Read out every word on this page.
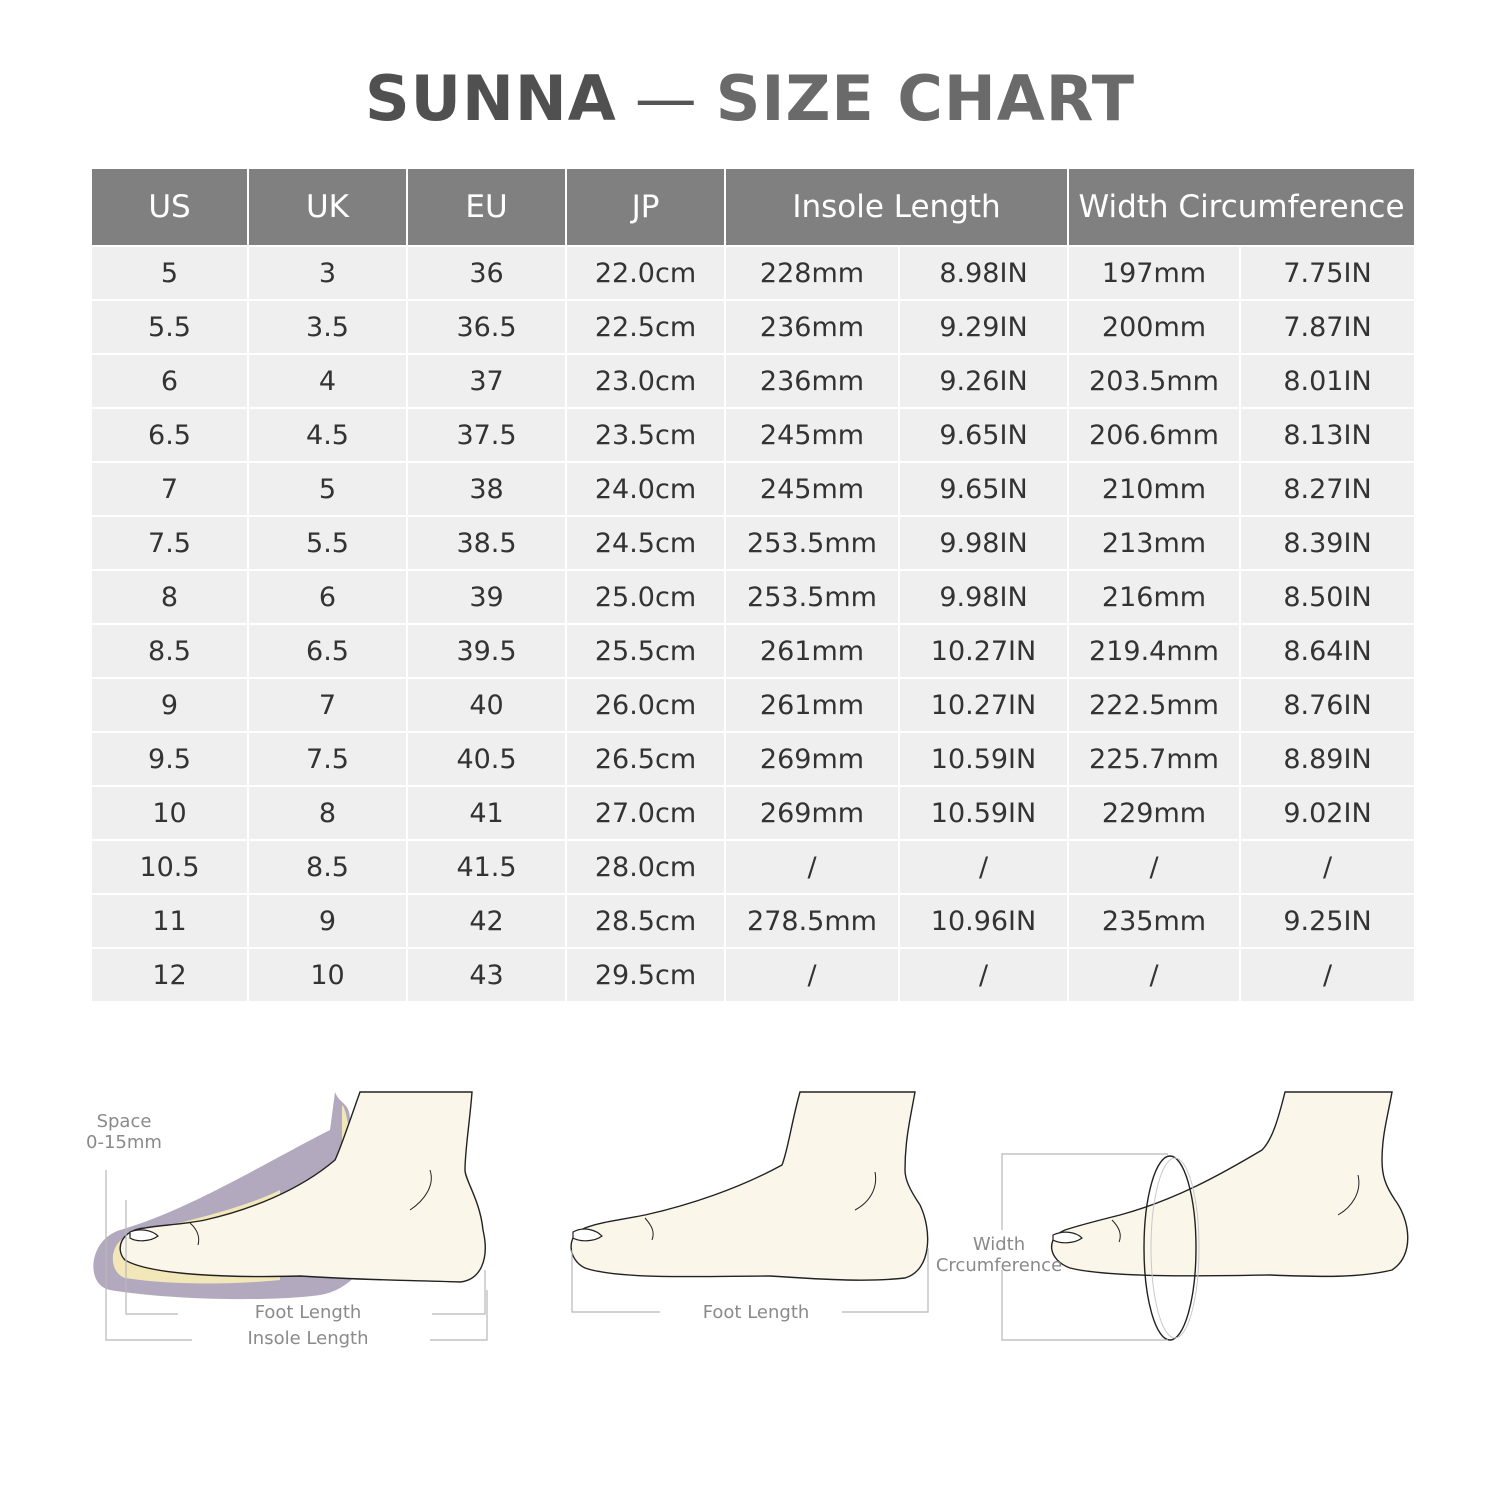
SUNNA — SIZE CHART
US	UK	EU	JP	Insole Length		Width Circumference	
5	3	36	22.0cm	228mm	8.98IN	197mm	7.75IN
5.5	3.5	36.5	22.5cm	236mm	9.29IN	200mm	7.87IN
6	4	37	23.0cm	236mm	9.26IN	203.5mm	8.01IN
6.5	4.5	37.5	23.5cm	245mm	9.65IN	206.6mm	8.13IN
7	5	38	24.0cm	245mm	9.65IN	210mm	8.27IN
7.5	5.5	38.5	24.5cm	253.5mm	9.98IN	213mm	8.39IN
8	6	39	25.0cm	253.5mm	9.98IN	216mm	8.50IN
8.5	6.5	39.5	25.5cm	261mm	10.27IN	219.4mm	8.64IN
9	7	40	26.0cm	261mm	10.27IN	222.5mm	8.76IN
9.5	7.5	40.5	26.5cm	269mm	10.59IN	225.7mm	8.89IN
10	8	41	27.0cm	269mm	10.59IN	229mm	9.02IN
10.5	8.5	41.5	28.0cm	/	/	/	/
11	9	42	28.5cm	278.5mm	10.96IN	235mm	9.25IN
12	10	43	29.5cm	/	/	/	/
Space
0-15mm
Foot Length
Insole Length
Foot Length
Width
Crcumference
